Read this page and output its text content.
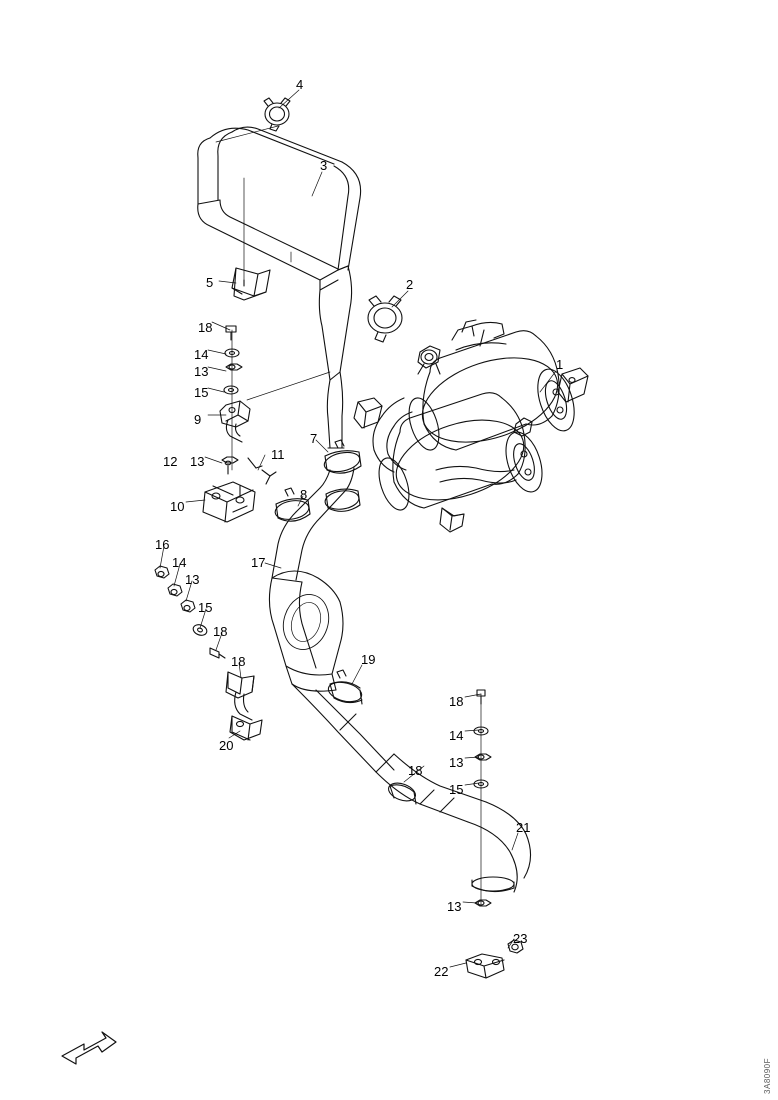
4
3
2
1
5
18
14
13
15
9
12 13	11
10
7
8
16
14
13
17
15
18
18
20
19
18
14
13
15
18
21
13
23
22
3A8090F
